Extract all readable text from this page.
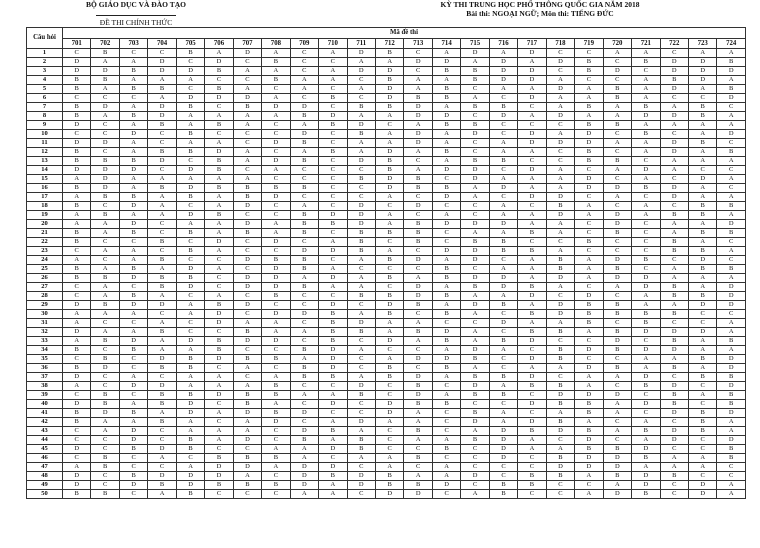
BỘ GIÁO DỤC VÀ ĐÀO TẠO
ĐỀ THI CHÍNH THỨC
KỲ THI TRUNG HỌC PHỔ THÔNG QUỐC GIA NĂM 2018
Bài thi: NGOẠI NGỮ; Môn thi: TIẾNG ĐỨC
Câu hỏi	Mã đề thi																							
	701	702	703	704	705	706	707	708	709	710	711	712	713	714	715	716	717	718	719	720	721	722	723	724
1	C	B	C	C	B	A	D	A	C	A	D	B	C	A	D	A	D	C	C	A	A	C	A	A
2	D	A	A	D	C	D	C	B	C	C	A	A	D	D	A	D	A	D	B	C	B	D	D	B
3	D	D	B	D	D	B	A	A	C	A	D	D	C	B	B	D	D	C	B	D	C	D	D	D
4	B	B	A	A	A	C	C	B	A	A	C	B	A	A	B	D	D	A	C	C	A	B	D	A
5	B	A	B	B	C	B	A	C	A	C	A	D	A	B	C	A	A	D	A	B	A	D	A	B
6	C	C	C	A	D	D	D	A	C	B	C	D	B	B	A	C	D	A	A	B	A	C	C	D
7	B	D	A	D	B	C	B	D	D	C	B	B	D	A	B	B	C	A	B	A	B	A	B	C
8	B	A	B	D	A	A	A	A	B	D	A	A	D	D	C	D	A	D	A	A	D	D	B	A
9	D	C	A	B	A	B	A	C	A	B	D	C	A	B	B	C	C	C	B	B	A	A	A	A
10	C	C	D	C	B	C	C	C	D	C	B	A	D	A	D	C	D	A	D	C	B	C	A	D
11	D	D	A	C	A	A	C	D	B	C	A	A	D	A	C	A	D	D	D	A	A	D	B	C
12	B	C	A	B	B	D	A	C	A	B	A	D	A	B	C	A	A	C	B	C	A	D	A	B
13	B	B	B	D	C	B	A	D	B	C	D	B	C	A	B	B	C	C	B	B	C	A	A	A
14	D	D	D	C	D	B	C	A	C	C	C	B	A	D	D	C	D	A	C	A	D	A	C	C
15	A	D	A	A	A	A	A	C	C	C	B	D	B	C	D	A	A	A	D	C	A	C	D	A
16	B	D	A	B	D	B	B	B	B	C	C	D	B	B	A	D	A	A	D	D	B	D	A	C
17	A	B	B	A	B	A	B	D	C	C	C	A	C	D	A	C	D	D	C	A	C	D	A	A
18	B	C	D	A	C	A	D	C	A	C	D	C	D	C	C	A	C	B	A	C	A	C	B	B
19	A	B	A	A	D	B	C	C	B	D	D	A	C	A	C	A	A	D	A	D	A	B	B	A
20	A	A	D	C	A	A	D	A	B	B	D	A	B	D	D	D	A	A	C	D	C	A	A	D
21	B	A	B	C	B	A	B	A	B	C	B	B	B	C	A	A	B	A	C	B	C	A	B	B
22	B	C	C	B	C	D	C	D	C	A	B	C	B	C	B	B	C	C	B	C	C	B	A	C
23	C	A	A	C	B	A	C	C	D	D	B	A	C	D	D	B	B	A	C	C	C	B	B	A
24	A	C	A	B	C	C	D	B	B	C	A	B	D	A	D	C	A	B	A	D	B	C	D	C
25	B	A	B	A	D	A	C	D	B	A	C	C	C	B	C	A	A	B	A	B	C	A	B	B
26	B	B	D	B	B	C	D	D	A	D	A	B	A	B	D	D	A	D	A	D	D	A	A	A
27	C	A	C	B	D	C	D	D	B	A	A	C	D	A	B	D	B	A	C	A	D	B	A	D
28	C	A	B	A	C	A	C	B	C	C	B	B	D	B	A	A	D	C	D	C	A	B	B	D
29	D	B	D	D	A	B	D	C	C	D	C	D	B	A	D	B	A	D	B	B	A	A	D	D
30	A	A	A	C	A	D	C	D	D	B	A	B	C	B	A	C	B	D	B	B	B	B	C	C
31	A	C	C	A	C	D	A	A	C	B	D	A	A	C	C	D	A	A	B	C	B	C	C	A
32	D	A	A	B	C	C	B	A	A	B	B	A	B	D	A	C	B	B	A	B	D	D	D	A
33	A	B	D	A	D	B	D	D	C	B	C	D	A	B	A	B	D	C	C	D	C	B	A	B
34	B	C	B	A	A	B	C	C	B	D	A	C	C	A	D	A	C	B	D	B	D	D	A	A
35	C	B	C	D	B	D	B	B	A	D	C	A	D	D	B	C	D	B	C	C	A	A	B	D
36	B	D	C	B	B	C	A	C	B	D	C	B	C	B	A	C	A	A	D	B	A	B	A	D
37	D	C	A	C	A	A	C	A	B	B	A	B	D	A	B	B	D	C	A	A	D	C	B	B
38	A	C	D	D	A	A	A	B	C	C	D	C	B	C	D	A	B	B	A	C	B	D	C	D
39	C	B	C	B	B	D	B	B	A	A	B	C	D	A	B	B	C	D	D	D	C	B	A	B
40	D	B	A	B	D	C	B	A	C	D	C	D	B	B	C	C	D	B	B	A	D	B	C	B
41	B	D	B	A	D	A	D	B	D	C	C	D	A	C	B	A	C	A	B	A	C	D	B	D
42	B	A	A	B	A	C	A	D	C	A	D	A	A	C	D	A	D	B	A	C	A	C	B	A
43	C	A	D	C	A	A	A	C	D	B	A	C	B	C	A	D	B	D	B	A	B	D	B	A
44	C	C	D	C	B	A	D	C	B	A	B	C	A	A	B	D	A	C	D	C	A	D	C	D
45	D	C	B	D	B	C	C	A	A	D	B	C	C	B	C	D	A	A	B	B	D	C	C	B
46	C	B	C	A	C	B	B	B	A	C	A	A	B	C	C	D	C	B	D	D	B	A	A	B
47	A	B	C	C	A	D	D	A	D	D	C	A	C	A	C	C	C	D	D	D	A	A	A	C
48	D	C	B	D	D	D	A	C	D	B	D	B	A	A	D	C	B	B	A	B	D	B	C	C
49	D	C	D	B	D	B	B	B	D	A	D	B	B	D	C	B	B	C	C	A	D	C	D	A
50	B	B	C	A	B	C	C	C	A	A	C	D	D	C	A	B	C	C	A	D	B	C	D	A
